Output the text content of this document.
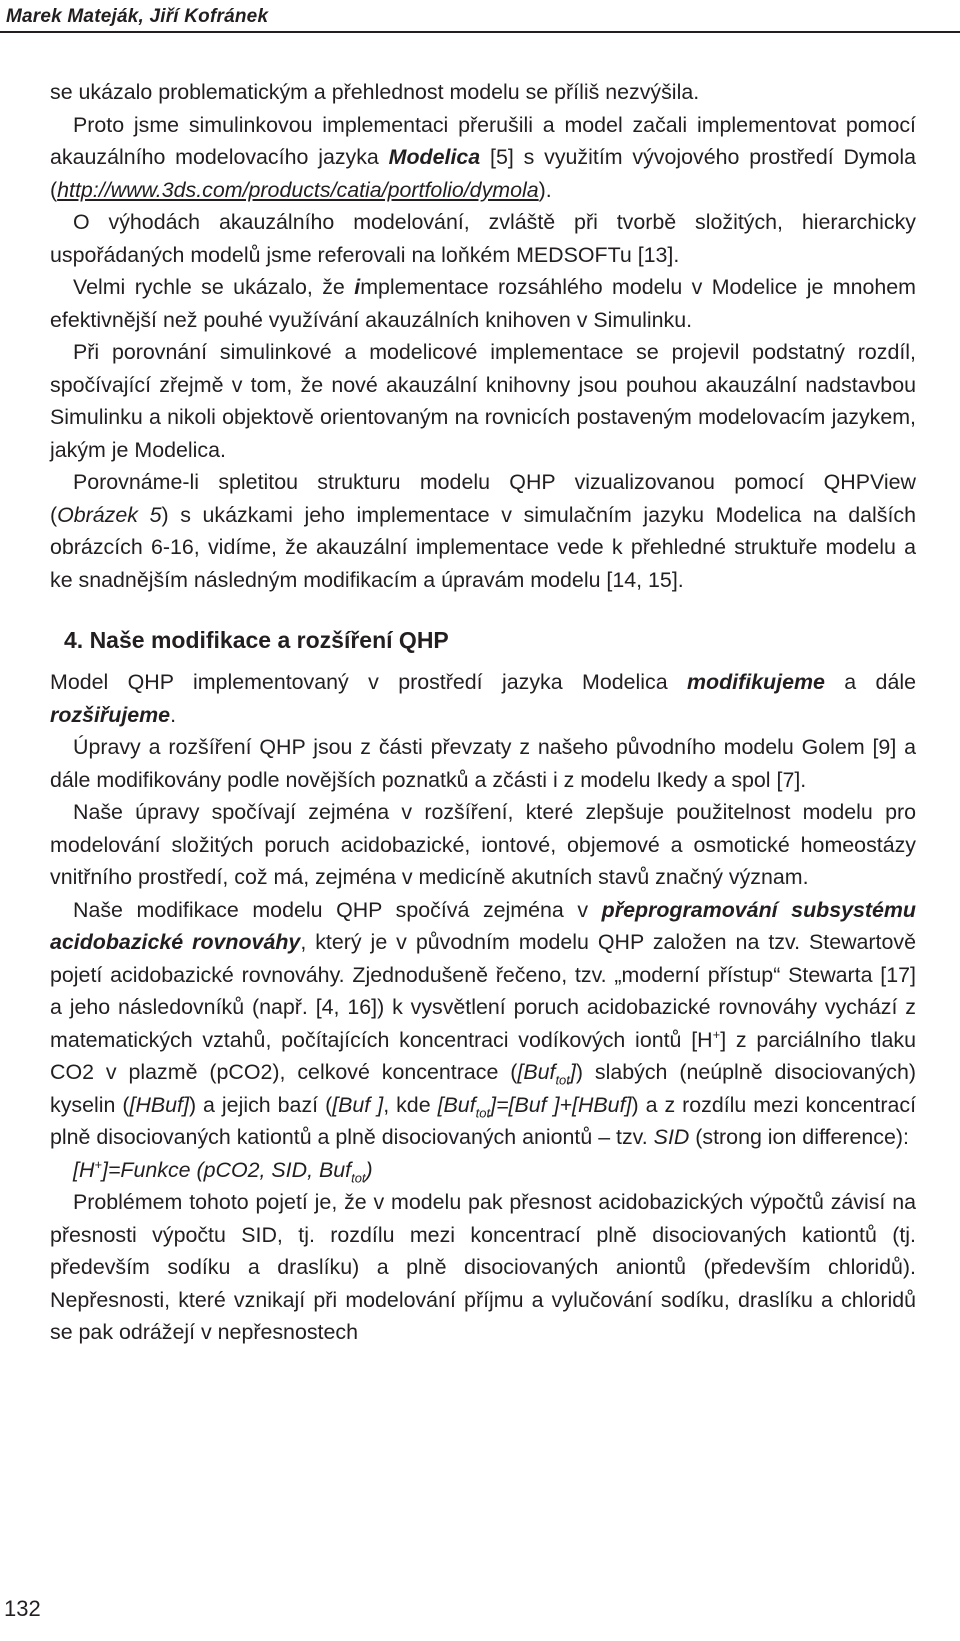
Marek Mateják, Jiří Kofránek

se ukázalo problematickým a přehlednost modelu se příliš nezvýšila.

Proto jsme simulinkovou implementaci přerušili a model začali implementovat pomocí akauzálního modelovacího jazyka Modelica [5] s využitím vývojového prostředí Dymola (http://www.3ds.com/products/catia/portfolio/dymola).

O výhodách akauzálního modelování, zvláště při tvorbě složitých, hierarchicky uspořádaných modelů jsme referovali na loňkém MEDSOFTu [13].

Velmi rychle se ukázalo, že implementace rozsáhlého modelu v Modelice je mnohem efektivnější než pouhé využívání akauzálních knihoven v Simulinku.

Při porovnání simulinkové a modelicové implementace se projevil podstatný rozdíl, spočívající zřejmě v tom, že nové akauzální knihovny jsou pouhou akauzální nadstavbou Simulinku a nikoli objektově orientovaným na rovnicích postaveným modelovacím jazykem, jakým je Modelica.

Porovnáme-li spletitou strukturu modelu QHP vizualizovanou pomocí QHPView (Obrázek 5) s ukázkami jeho implementace v simulačním jazyku Modelica na dalších obrázcích 6-16, vidíme, že akauzální implementace vede k přehledné struktuře modelu a ke snadnějším následným modifikacím a úpravám modelu [14, 15].

4. Naše modifikace a rozšíření QHP

Model QHP implementovaný v prostředí jazyka Modelica modifikujeme a dále rozšiřujeme.

Úpravy a rozšíření QHP jsou z části převzaty z našeho původního modelu Golem [9] a dále modifikovány podle novějších poznatků a zčásti i z modelu Ikedy a spol [7].

Naše úpravy spočívají zejména v rozšíření, které zlepšuje použitelnost modelu pro modelování složitých poruch acidobazické, iontové, objemové a osmotické homeostázy vnitřního prostředí, což má, zejména v medicíně akutních stavů značný význam.

Naše modifikace modelu QHP spočívá zejména v přeprogramování subsystému acidobazické rovnováhy, který je v původním modelu QHP založen na tzv. Stewartově pojetí acidobazické rovnováhy. Zjednodušeně řečeno, tzv. „moderní přístup“ Stewarta [17] a jeho následovníků (např. [4, 16]) k vysvětlení poruch acidobazické rovnováhy vychází z matematických vztahů, počítajících koncentraci vodíkových iontů [H+] z parciálního tlaku CO2 v plazmě (pCO2), celkové koncentrace ([Buf$_{tot}$]) slabých (neúplně disociovaných) kyselin ([HBuf]) a jejich bazí ([Buf ], kde [Buf$_{tot}$]=[Buf ]+[HBuf]) a z rozdílu mezi koncentrací plně disociovaných kationtů a plně disociovaných aniontů – tzv. SID (strong ion difference):

[H+]=Funkce (pCO2, SID, Buf$_{tot}$)

Problémem tohoto pojetí je, že v modelu pak přesnost acidobazických výpočtů závisí na přesnosti výpočtu SID, tj. rozdílu mezi koncentrací plně disociovaných kationtů (tj. především sodíku a draslíku) a plně disociovaných aniontů (především chloridů). Nepřesnosti, které vznikají při modelování příjmu a vylučování sodíku, draslíku a chloridů se pak odrážejí v nepřesnostech

132
